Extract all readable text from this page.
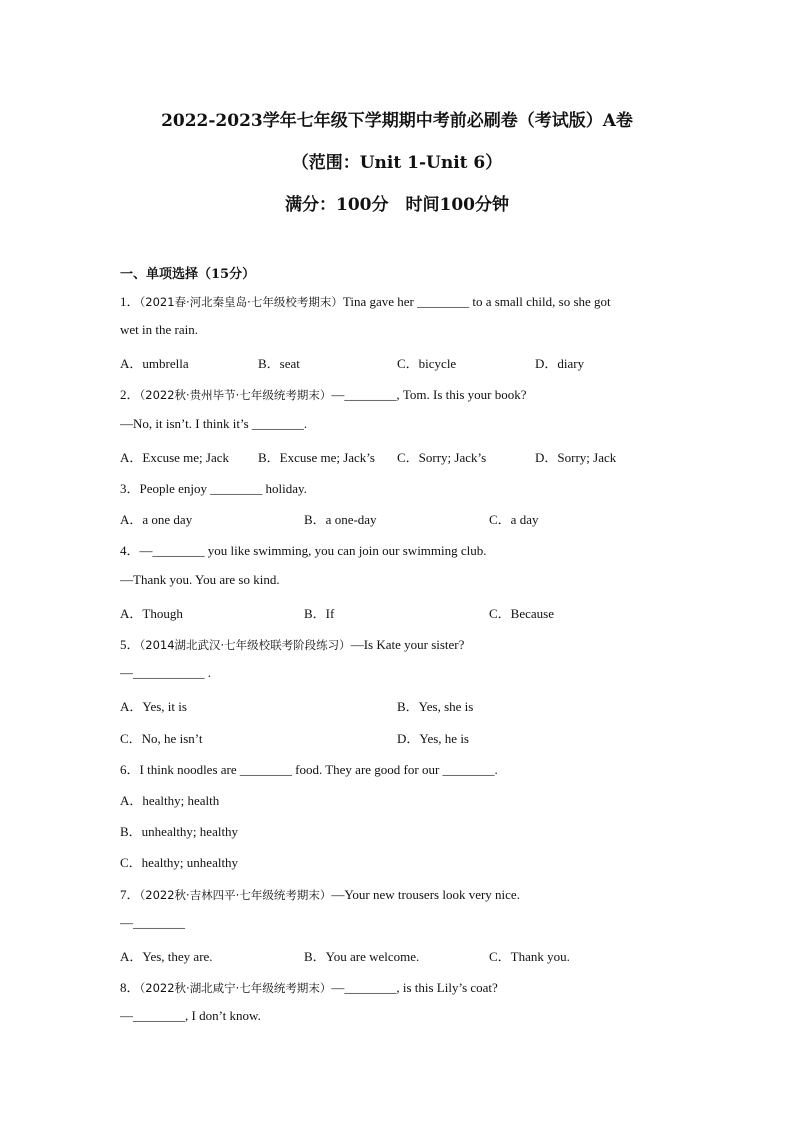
2022-2023学年七年级下学期期中考前必刷卷（考试版）A卷
（范围：Unit 1-Unit 6）
满分：100分　时间100分钟
一、单项选择（15分）
1．（2021春·河北秦皇岛·七年级校考期末）Tina gave her ________ to a small child, so she got
wet in the rain.
A．umbrella	B．seat	C．bicycle	D．diary
2．（2022秋·贵州毕节·七年级统考期末）—________, Tom. Is this your book?
—No, it isn’t. I think it’s ________.
A．Excuse me; Jack B．Excuse me; Jack’s C．Sorry; Jack’s	D．Sorry; Jack
3．People enjoy ________ holiday.
A．a one day	B．a one-day	C．a day
4．—________ you like swimming, you can join our swimming club.
—Thank you. You are so kind.
A．Though	B．If	C．Because
5．（2014湖北武汉·七年级校联考阶段练习）—Is Kate your sister?
—___________ .
A．Yes, it is	B．Yes, she is
C．No, he isn’t	D．Yes, he is
6．I think noodles are ________ food. They are good for our ________.
A．healthy; health
B．unhealthy; healthy
C．healthy; unhealthy
7．（2022秋·吉林四平·七年级统考期末）—Your new trousers look very nice.
—________
A．Yes, they are.	B．You are welcome.	C．Thank you.
8．（2022秋·湖北咸宁·七年级统考期末）—________, is this Lily’s coat?
—________, I don’t know.
